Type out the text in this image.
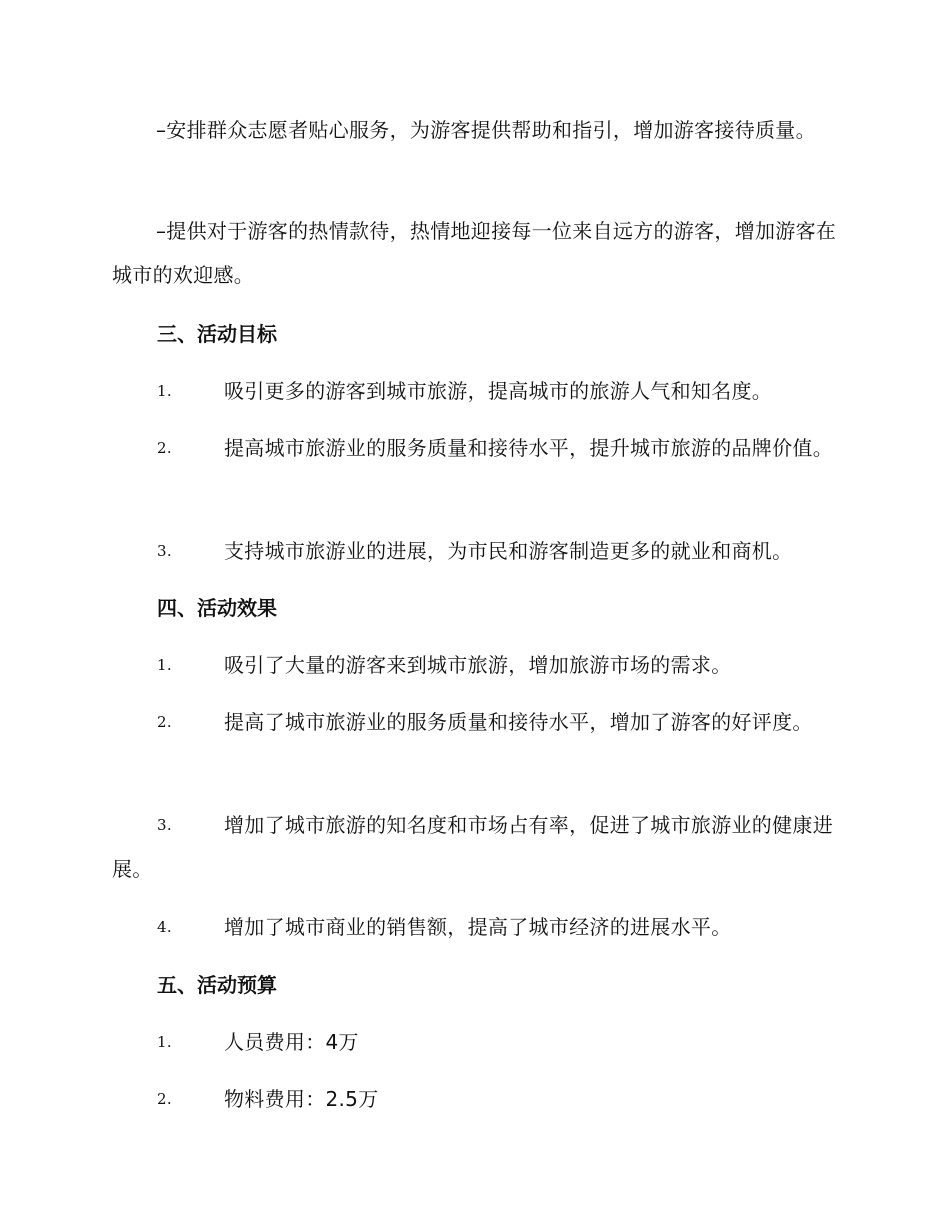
–安排群众志愿者贴心服务，为游客提供帮助和指引，增加游客接待质量。

–提供对于游客的热情款待，热情地迎接每一位来自远方的游客，增加游客在城市的欢迎感。

三、活动目标

1.	吸引更多的游客到城市旅游，提高城市的旅游人气和知名度。

2.	提高城市旅游业的服务质量和接待水平，提升城市旅游的品牌价值。

3.	支持城市旅游业的进展，为市民和游客制造更多的就业和商机。

四、活动效果

1.	吸引了大量的游客来到城市旅游，增加旅游市场的需求。

2.	提高了城市旅游业的服务质量和接待水平，增加了游客的好评度。

3.	增加了城市旅游的知名度和市场占有率，促进了城市旅游业的健康进展。

4.	增加了城市商业的销售额，提高了城市经济的进展水平。

五、活动预算

1.	人员费用：4万

2.	物料费用：2.5万
